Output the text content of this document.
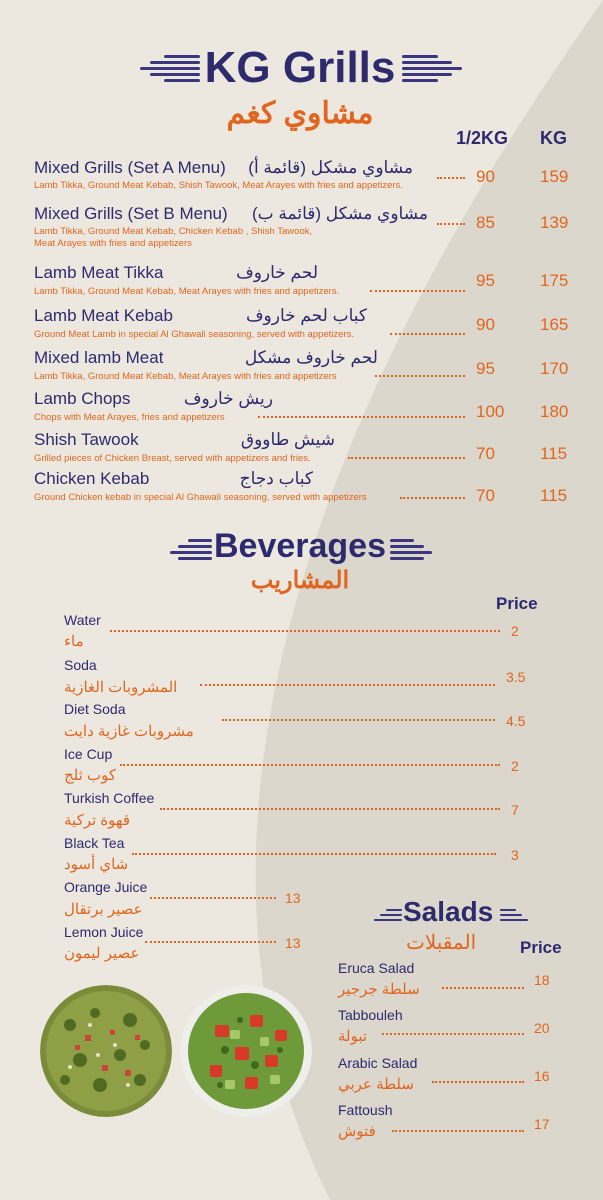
KG Grills
مشاوي كغم
1/2KG KG
Mixed Grills (Set A Menu) مشاوي مشكل (قائمة أ)
Lamb Tikka, Ground Meat Kebab, Shish Tawook, Meat Arayes with fries and appetizers.	90	159
Mixed Grills (Set B Menu) مشاوي مشكل (قائمة ب)
Lamb Tikka, Ground Meat Kebab, Chicken Kebab , Shish Tawook, Meat Arayes with fries and appetizers
85	139
Lamb Meat Tikka	لحم خاروف
Lamb Tikka, Ground Meat Kebab, Meat Arayes with fries and appetizers.
95	175
Lamb Meat Kebab	كباب لحم خاروف
Ground Meat Lamb in special Al Ghawali seasoning, served with appetizers.
90	165
Mixed lamb Meat	لحم خاروف مشكل
Lamb Tikka, Ground Meat Kebab, Meat Arayes with fries and appetizers	95	170
Lamb Chops	ريش خاروف
Chops with Meat Arayes, fries and appetizers	100 180
Shish Tawook	شيش طاووق
Grilled pieces of Chicken Breast, served with appetizers and fries.	70	115
Chicken Kebab	كباب دجاج
Ground Chicken kebab in special Al Ghawali seasoning, served with appetizers	70	115
Beverages
المشاريب
Price
Water
ماء
2
Soda
المشروبات الغازية
3.5
Diet Soda
مشروبات غازية دايت
4.5
Ice Cup
كوب ثلج
2
Turkish Coffee
قهوة تركية
7
Black Tea
شاي أسود
3
Orange Juice
عصير برتقال
13
Lemon Juice
عصير ليمون
13
Salads
المقبلات	Price
Eruca Salad
سلطة جرجير
18
Tabbouleh
تبولة	20
Arabic Salad
سلطة عربي	16
Fattoush
فتوش	17
